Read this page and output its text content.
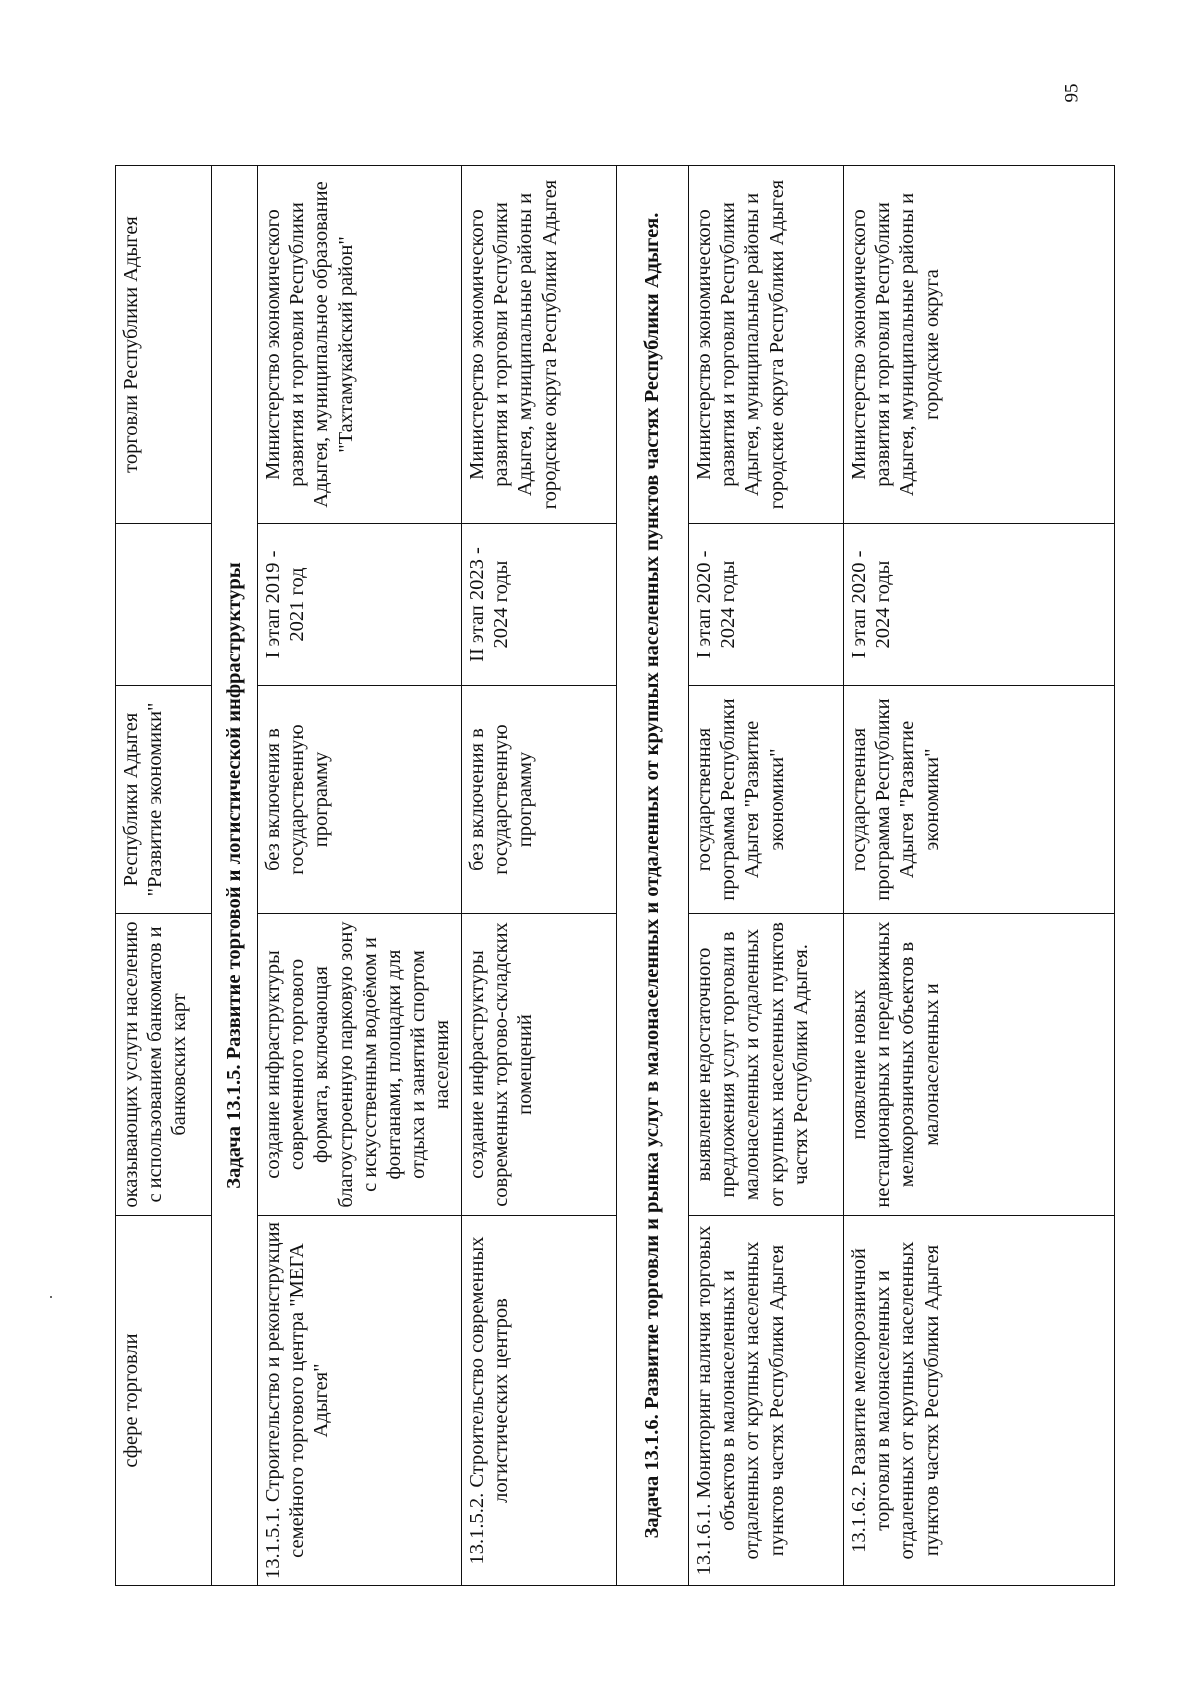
95
сфере торговли	оказывающих услуги населению с использованием банкоматов и банковских карт	Республики Адыгея "Развитие экономики"		торговли Республики Адыгея
Задача 13.1.5. Развитие торговой и логистической инфраструктуры				
13.1.5.1. Строительство и реконструкция семейного торгового центра "МЕГА Адыгея"	создание инфраструктуры современного торгового формата, включающая благоустроенную парковую зону с искусственным водоёмом и фонтанами, площадки для отдыха и занятий спортом населения	без включения в государственную программу	I этап 2019 - 2021 год	Министерство экономического развития и торговли Республики Адыгея, муниципальное образование "Тахтамукайский район"
13.1.5.2. Строительство современных логистических центров	создание инфраструктуры современных торгово-складских помещений	без включения в государственную программу	II этап 2023 - 2024 годы	Министерство экономического развития и торговли Республики Адыгея, муниципальные районы и городские округа Республики Адыгея
Задача 13.1.6. Развитие торговли и рынка услуг в малонаселенных и отдаленных от крупных населенных пунктов частях Республики Адыгея.				
13.1.6.1. Мониторинг наличия торговых объектов в малонаселенных и отдаленных от крупных населенных пунктов частях Республики Адыгея	выявление недостаточного предложения услуг торговли в малонаселенных и отдаленных от крупных населенных пунктов частях Республики Адыгея.	государственная программа Республики Адыгея "Развитие экономики"	I этап 2020 - 2024 годы	Министерство экономического развития и торговли Республики Адыгея, муниципальные районы и городские округа Республики Адыгея
13.1.6.2. Развитие мелкорозничной торговли в малонаселенных и отдаленных от крупных населенных пунктов частях Республики Адыгея	появление новых нестационарных и передвижных мелкорозничных объектов в малонаселенных и	государственная программа Республики Адыгея "Развитие экономики"	I этап 2020 - 2024 годы	Министерство экономического развития и торговли Республики Адыгея, муниципальные районы и городские округа
